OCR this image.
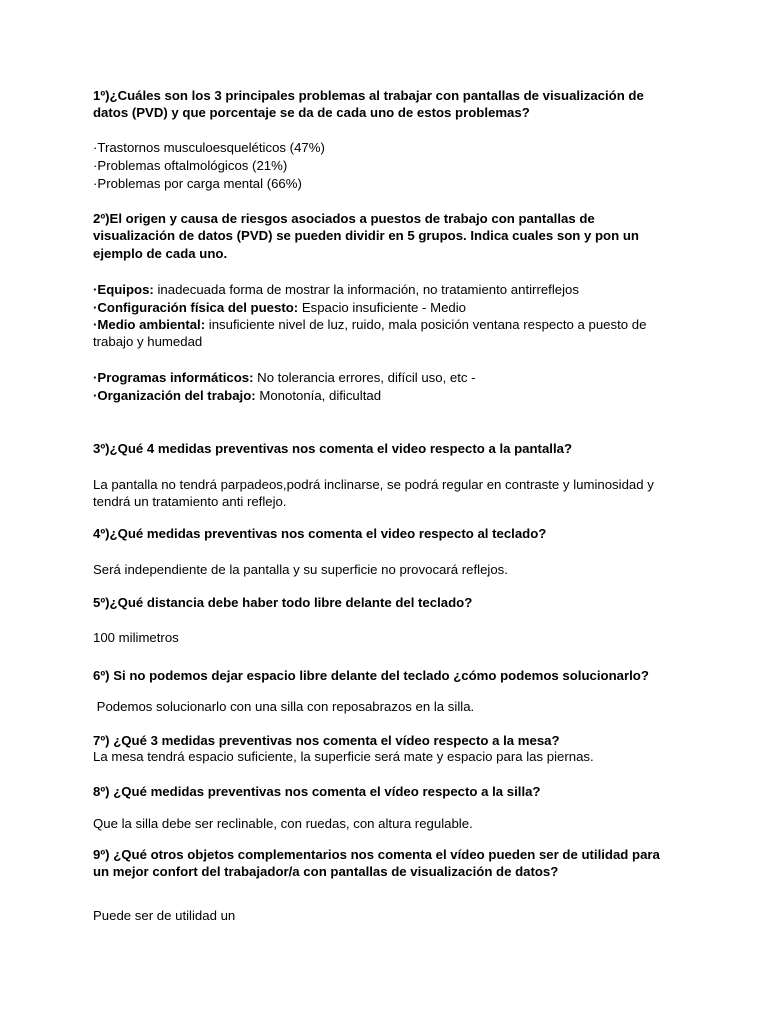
1º)¿Cuáles son los 3 principales problemas al trabajar con pantallas de visualización de datos (PVD) y que porcentaje se da de cada uno de estos problemas?
·Trastornos musculoesqueléticos (47%)
·Problemas oftalmológicos (21%)
·Problemas por carga mental (66%)
2º)El origen y causa de riesgos asociados a puestos de trabajo con pantallas de visualización de datos (PVD) se pueden dividir en 5 grupos. Indica cuales son y pon un ejemplo de cada uno.
·Equipos: inadecuada forma de mostrar la información, no tratamiento antirreflejos
·Configuración física del puesto: Espacio insuficiente - Medio
·Medio ambiental: insuficiente nivel de luz, ruido, mala posición ventana respecto a puesto de trabajo y humedad
·Programas informáticos: No tolerancia errores, difícil uso, etc -
·Organización del trabajo: Monotonía, dificultad
3º)¿Qué 4 medidas preventivas nos comenta el video respecto a la pantalla?
La pantalla no tendrá parpadeos,podrá inclinarse, se podrá regular en contraste y luminosidad y tendrá un tratamiento anti reflejo.
4º)¿Qué medidas preventivas nos comenta el video respecto al teclado?
Será independiente de la pantalla y su superficie no provocará reflejos.
5º)¿Qué distancia debe haber todo libre delante del teclado?
100 milimetros
6º) Si no podemos dejar espacio libre delante del teclado ¿cómo podemos solucionarlo?
Podemos solucionarlo con una silla con reposabrazos en la silla.
7º) ¿Qué 3 medidas preventivas nos comenta el vídeo respecto a la mesa?
La mesa tendrá espacio suficiente, la superficie será mate y espacio para las piernas.
8º) ¿Qué medidas preventivas nos comenta el vídeo respecto a la silla?
Que la silla debe ser reclinable, con ruedas, con altura regulable.
9º) ¿Qué otros objetos complementarios nos comenta el vídeo pueden ser de utilidad para un mejor confort del trabajador/a con pantallas de visualización de datos?
Puede ser de utilidad un
